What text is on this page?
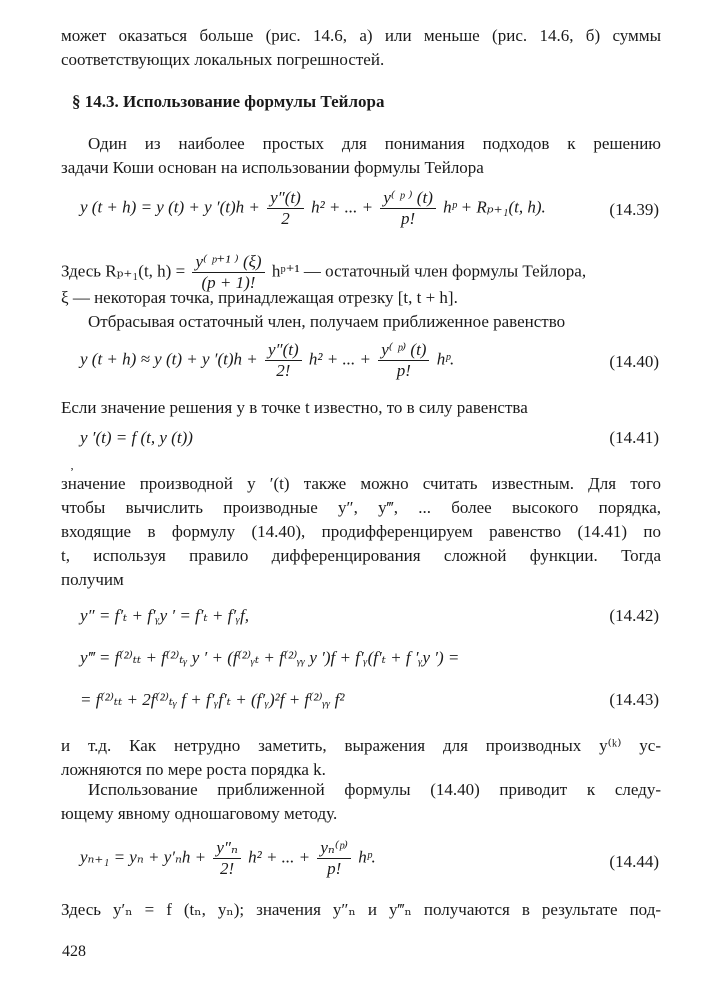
может оказаться больше (рис. 14.6, а) или меньше (рис. 14.6, б) суммы
соответствующих локальных погрешностей.
§ 14.3. Использование формулы Тейлора
Один из наиболее простых для понимания подходов к решению
задачи Коши основан на использовании формулы Тейлора
y (t + h) = y (t) + y $'(t)h + \frac{y''(t)}{2} h^2$ + ... + $\frac{\text{y⁽ ᵖ ⁾ (t)}}{p!}$ hᵖ + Rₚ₊₁(t, h).	(14.39)
Здесь Rₚ₊₁(t, $h) = \frac{\text{y⁽ ᵖ⁺¹ ⁾ (ξ)}}{(p + 1)!}$ hᵖ⁺¹ — остаточный член формулы Тейлора,
ξ — некоторая точка, принадлежащая отрезку [t, t + h].
Отбрасывая остаточный член, получаем приближенное равенство
y (t + h) ≈ y (t) + y $'(t)h + \frac{y''(t)}{2!} h^2$ + ... + $\frac{\text{y⁽ ᵖ⁾ (t)}}{p!}$ hᵖ.	(14.40)
Если значение решения y в точке t известно, то в силу равенства
y ′(t) = f (t, y (t))	(14.41)
‚
значение производной y ′(t) также можно считать известным. Для того
чтобы вычислить производные y″, y‴, ... более высокого порядка,
входящие в формулу (14.40), продифференцируем равенство (14.41) по
t, используя правило дифференцирования сложной функции. Тогда
получим
y″ = f′ₜ + f′ᵧy ′ = f′ₜ + f′ᵧf,	(14.42)
y‴ = f⁽²⁾ₜₜ + f⁽²⁾ₜᵧ y ′ + (f⁽²⁾ᵧₜ + f⁽²⁾ᵧᵧ y ′)f + f′ᵧ(f′ₜ + f ′ᵧy ′) =
= f⁽²⁾ₜₜ + 2f⁽²⁾ₜᵧ f + f′ᵧf′ₜ + (f′ᵧ)²f + f⁽²⁾ᵧᵧ f²	(14.43)
и т.д. Как нетрудно заметить, выражения для производных y⁽ᵏ⁾ ус-
ложняются по мере роста порядка k.
Использование приближенной формулы (14.40) приводит к следу-
ющему явному одношаговому методу.
$y_{n+1} = y_n + y'_nh + \frac{\text{y″ₙ}}{2!} h^2$ + ... + $\frac{\text{yₙ⁽ᵖ⁾}}{p!}$ hᵖ.	(14.44)
Здесь y′ₙ = f (tₙ, yₙ); значения y″ₙ и y‴ₙ получаются в результате под-
428
